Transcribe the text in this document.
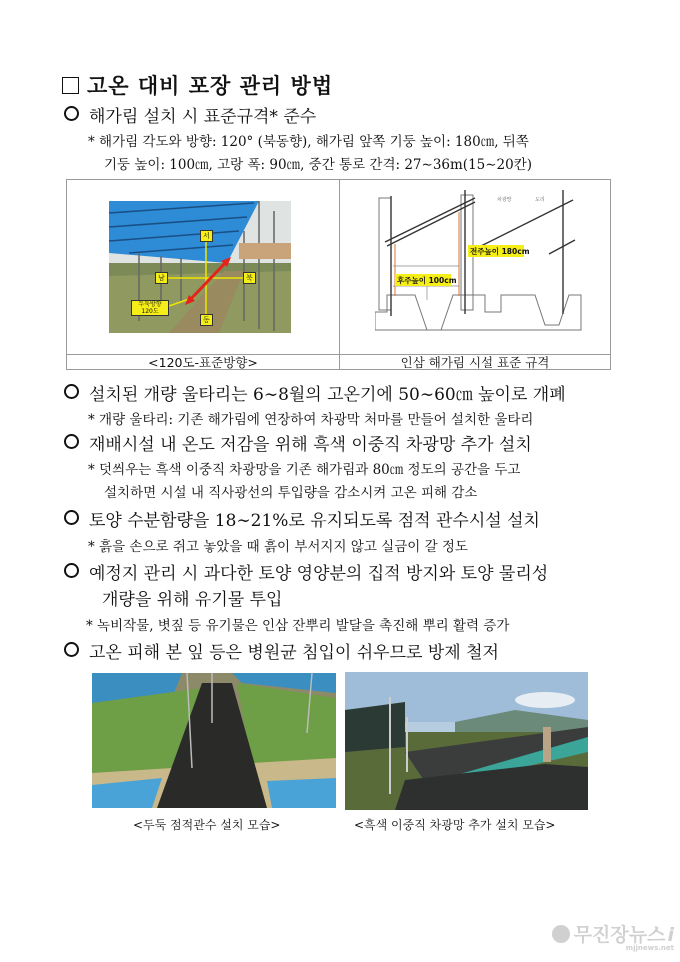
고온 대비 포장 관리 방법
해가림 설치 시 표준규격* 준수
* 해가림 각도와 방향: 120° (북동향), 해가림 앞쪽 기둥 높이: 180㎝, 뒤쪽
기둥 높이: 100㎝, 고랑 폭: 90㎝, 중간 통로 간격: 27∼36m(15∼20칸)
서
남	북
동
두둑방향 120도
전주높이 180cm
후주높이 100cm
차광망	도리
<120도-표준방향>	인삼 해가림 시설 표준 규격
설치된 개량 울타리는 6∼8월의 고온기에 50∼60㎝ 높이로 개폐
* 개량 울타리: 기존 해가림에 연장하여 차광막 처마를 만들어 설치한 울타리
재배시설 내 온도 저감을 위해 흑색 이중직 차광망 추가 설치
* 덧씌우는 흑색 이중직 차광망을 기존 해가림과 80㎝ 정도의 공간을 두고
설치하면 시설 내 직사광선의 투입량을 감소시켜 고온 피해 감소
토양 수분함량을 18∼21%로 유지되도록 점적 관수시설 설치
* 흙을 손으로 쥐고 놓았을 때 흙이 부서지지 않고 실금이 갈 정도
예정지 관리 시 과다한 토양 영양분의 집적 방지와 토양 물리성
개량을 위해 유기물 투입
* 녹비작물, 볏짚 등 유기물은 인삼 잔뿌리 발달을 촉진해 뿌리 활력 증가
고온 피해 본 잎 등은 병원균 침입이 쉬우므로 방제 철저
<두둑 점적관수 설치 모습>	<흑색 이중직 차광망 추가 설치 모습>
무진장뉴스 i
mjjnews.net
